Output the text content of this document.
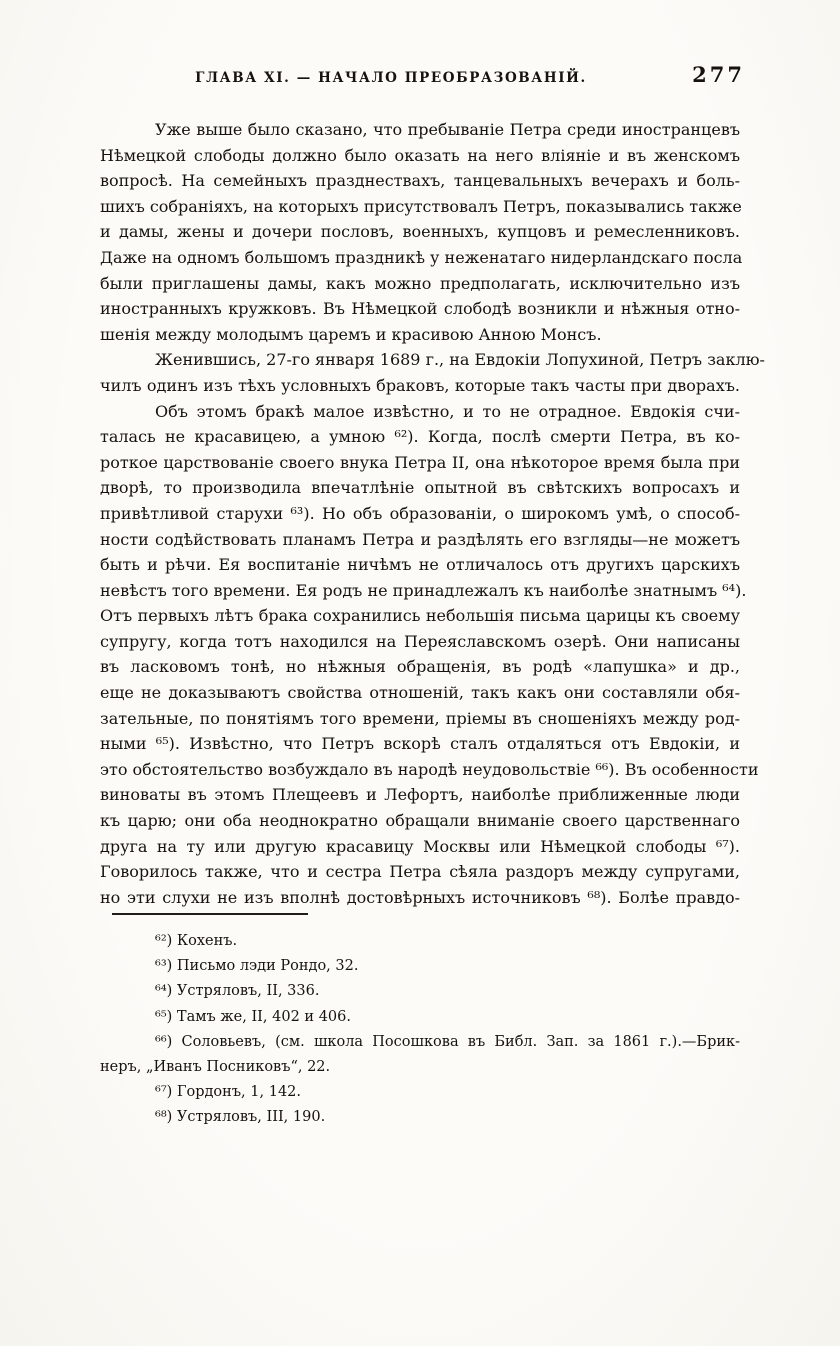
ГЛАВА XI. — НАЧАЛО ПРЕОБРАЗОВАНІЙ.	277
Уже выше было сказано, что пребываніе Петра среди иностранцевъ
Нѣмецкой слободы должно было оказать на него вліяніе и въ женскомъ
вопросѣ. На семейныхъ празднествахъ, танцевальныхъ вечерахъ и боль-
шихъ собраніяхъ, на которыхъ присутствовалъ Петръ, показывались также
и дамы, жены и дочери пословъ, военныхъ, купцовъ и ремесленниковъ.
Даже на одномъ большомъ праздникѣ у неженатаго нидерландскаго посла
были приглашены дамы, какъ можно предполагать, исключительно изъ
иностранныхъ кружковъ. Въ Нѣмецкой слободѣ возникли и нѣжныя отно-
шенія между молодымъ царемъ и красивою Анною Монсъ.
Женившись, 27-го января 1689 г., на Евдокіи Лопухиной, Петръ заклю-
чилъ одинъ изъ тѣхъ условныхъ браковъ, которые такъ часты при дворахъ.
Объ этомъ бракѣ малое извѣстно, и то не отрадное. Евдокія счи-
талась не красавицею, а умною ⁶²). Когда, послѣ смерти Петра, въ ко-
роткое царствованіе своего внука Петра II, она нѣкоторое время была при
дворѣ, то производила впечатлѣніе опытной въ свѣтскихъ вопросахъ и
привѣтливой старухи ⁶³). Но объ образованіи, о широкомъ умѣ, о способ-
ности содѣйствовать планамъ Петра и раздѣлять его взгляды—не можетъ
быть и рѣчи. Ея воспитаніе ничѣмъ не отличалось отъ другихъ царскихъ
невѣстъ того времени. Ея родъ не принадлежалъ къ наиболѣе знатнымъ ⁶⁴).
Отъ первыхъ лѣтъ брака сохранились небольшія письма царицы къ своему
супругу, когда тотъ находился на Переяславскомъ озерѣ. Они написаны
въ ласковомъ тонѣ, но нѣжныя обращенія, въ родѣ «лапушка» и др.,
еще не доказываютъ свойства отношеній, такъ какъ они составляли обя-
зательные, по понятіямъ того времени, пріемы въ сношеніяхъ между род-
ными ⁶⁵). Извѣстно, что Петръ вскорѣ сталъ отдаляться отъ Евдокіи, и
это обстоятельство возбуждало въ народѣ неудовольствіе ⁶⁶). Въ особенности
виноваты въ этомъ Плещеевъ и Лефортъ, наиболѣе приближенные люди
къ царю; они оба неоднократно обращали вниманіе своего царственнаго
друга на ту или другую красавицу Москвы или Нѣмецкой слободы ⁶⁷).
Говорилось также, что и сестра Петра сѣяла раздоръ между супругами,
но эти слухи не изъ вполнѣ достовѣрныхъ источниковъ ⁶⁸). Болѣе правдо-
⁶²) Кохенъ.
⁶³) Письмо лэди Рондо, 32.
⁶⁴) Устряловъ, II, 336.
⁶⁵) Тамъ же, II, 402 и 406.
⁶⁶) Соловьевъ, (см. школа Посошкова въ Библ. Зап. за 1861 г.).—Брик-
неръ, „Иванъ Посниковъ“, 22.
⁶⁷) Гордонъ, 1, 142.
⁶⁸) Устряловъ, III, 190.
